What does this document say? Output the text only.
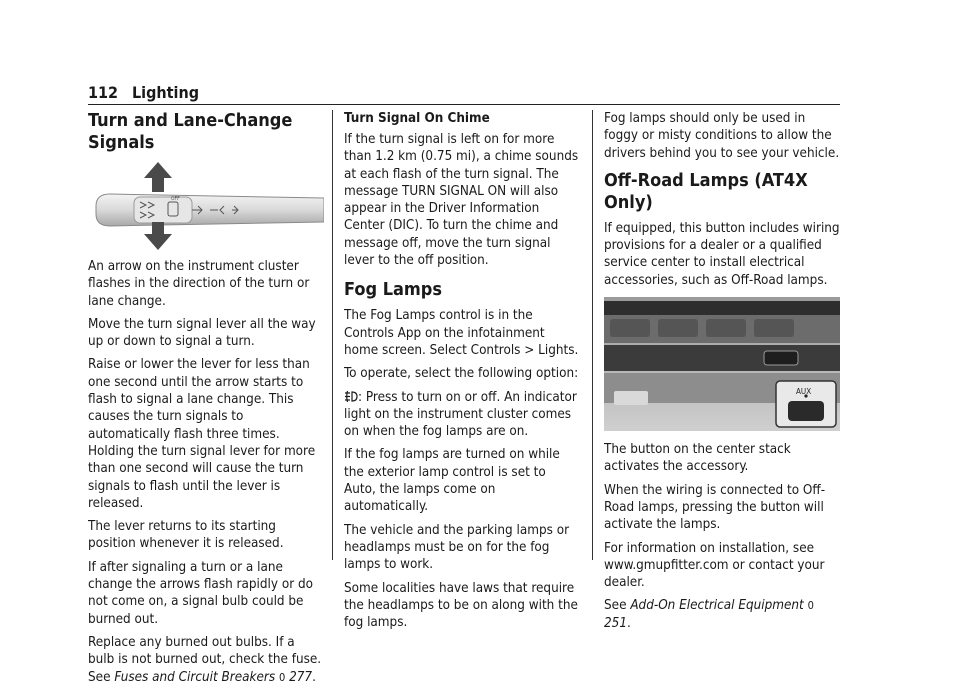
112 Lighting
Turn and Lane-Change Signals
OFF

An arrow on the instrument cluster flashes in the direction of the turn or lane change.

Move the turn signal lever all the way up or down to signal a turn.

Raise or lower the lever for less than one second until the arrow starts to flash to signal a lane change. This causes the turn signals to automatically flash three times. Holding the turn signal lever for more than one second will cause the turn signals to flash until the lever is released.

The lever returns to its starting position whenever it is released.

If after signaling a turn or a lane change the arrows flash rapidly or do not come on, a signal bulb could be burned out.

Replace any burned out bulbs. If a bulb is not burned out, check the fuse. See Fuses and Circuit Breakers 0 277.

Turn Signal On Chime

If the turn signal is left on for more than 1.2 km (0.75 mi), a chime sounds at each flash of the turn signal. The message TURN SIGNAL ON will also appear in the Driver Information Center (DIC). To turn the chime and message off, move the turn signal lever to the off position.

Fog Lamps

The Fog Lamps control is in the Controls App on the infotainment home screen. Select Controls > Lights.

To operate, select the following option:

: Press to turn on or off. An indicator light on the instrument cluster comes on when the fog lamps are on.

If the fog lamps are turned on while the exterior lamp control is set to Auto, the lamps come on automatically.

The vehicle and the parking lamps or headlamps must be on for the fog lamps to work.

Some localities have laws that require the headlamps to be on along with the fog lamps.

Fog lamps should only be used in foggy or misty conditions to allow the drivers behind you to see your vehicle.

Off-Road Lamps (AT4X Only)

If equipped, this button includes wiring provisions for a dealer or a qualified service center to install electrical accessories, such as Off-Road lamps.

AUX

The button on the center stack activates the accessory.

When the wiring is connected to Off-Road lamps, pressing the button will activate the lamps.

For information on installation, see www.gmupfitter.com or contact your dealer.

See Add-On Electrical Equipment 0 251.
